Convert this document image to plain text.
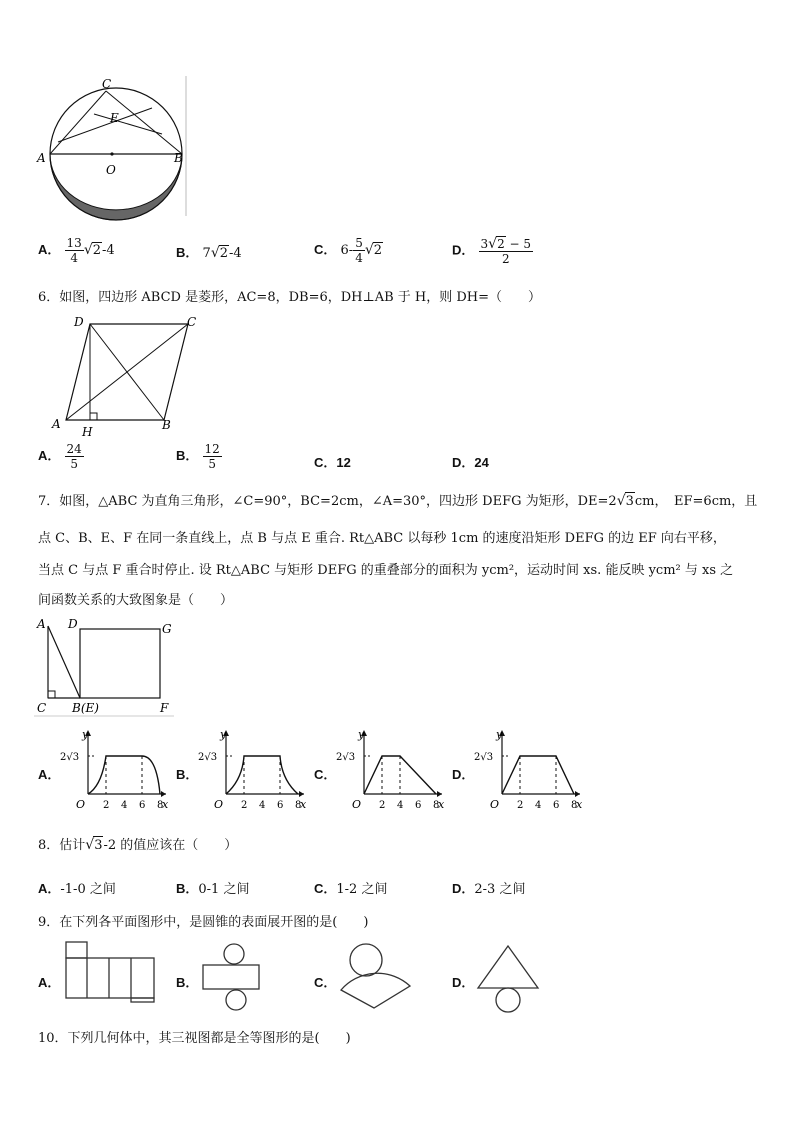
C
E
A
O
B
A． $\frac{13}{4} √2-4$	B． 7√2-4	C． $6- \frac{5}{4} √2$	D． $\frac{3√2 - 5}{2}$
6．如图，四边形 ABCD 是菱形，AC=8，DB=6，DH⊥AB 于 H，则 DH=（　　）
D	C
A
H	B
A． $\frac{24}{5}$	B． $\frac{12}{5}$	C．12	D．24
7．如图，△ABC 为直角三角形，∠C=90°，BC=2cm，∠A=30°，四边形 DEFG 为矩形，DE=2√3cm，　EF=6cm，且
点 C、B、E、F 在同一条直线上，点 B 与点 E 重合. Rt△ABC 以每秒 1cm 的速度沿矩形 DEFG 的边 EF 向右平移，
当点 C 与点 F 重合时停止. 设 Rt△ABC 与矩形 DEFG 的重叠部分的面积为 ycm²，运动时间 xs. 能反映 ycm² 与 xs 之
间函数关系的大致图象是（　　）
A D	G
C B(E)	F
A．	B．	C．	D．
y
x
O
2√3
2 4 6 8
y
x
O
2√3
2 4 6 8
y
x
O
2√3
2 4 6 8
y
x
O
2√3
2 4 6 8
8．估计√3-2 的值应该在（　　）
A．-1-0 之间	B．0-1 之间	C．1-2 之间	D．2-3 之间
9．在下列各平面图形中，是圆锥的表面展开图的是(　　)
A．	B．	C．	D．
10．下列几何体中，其三视图都是全等图形的是(　　)
